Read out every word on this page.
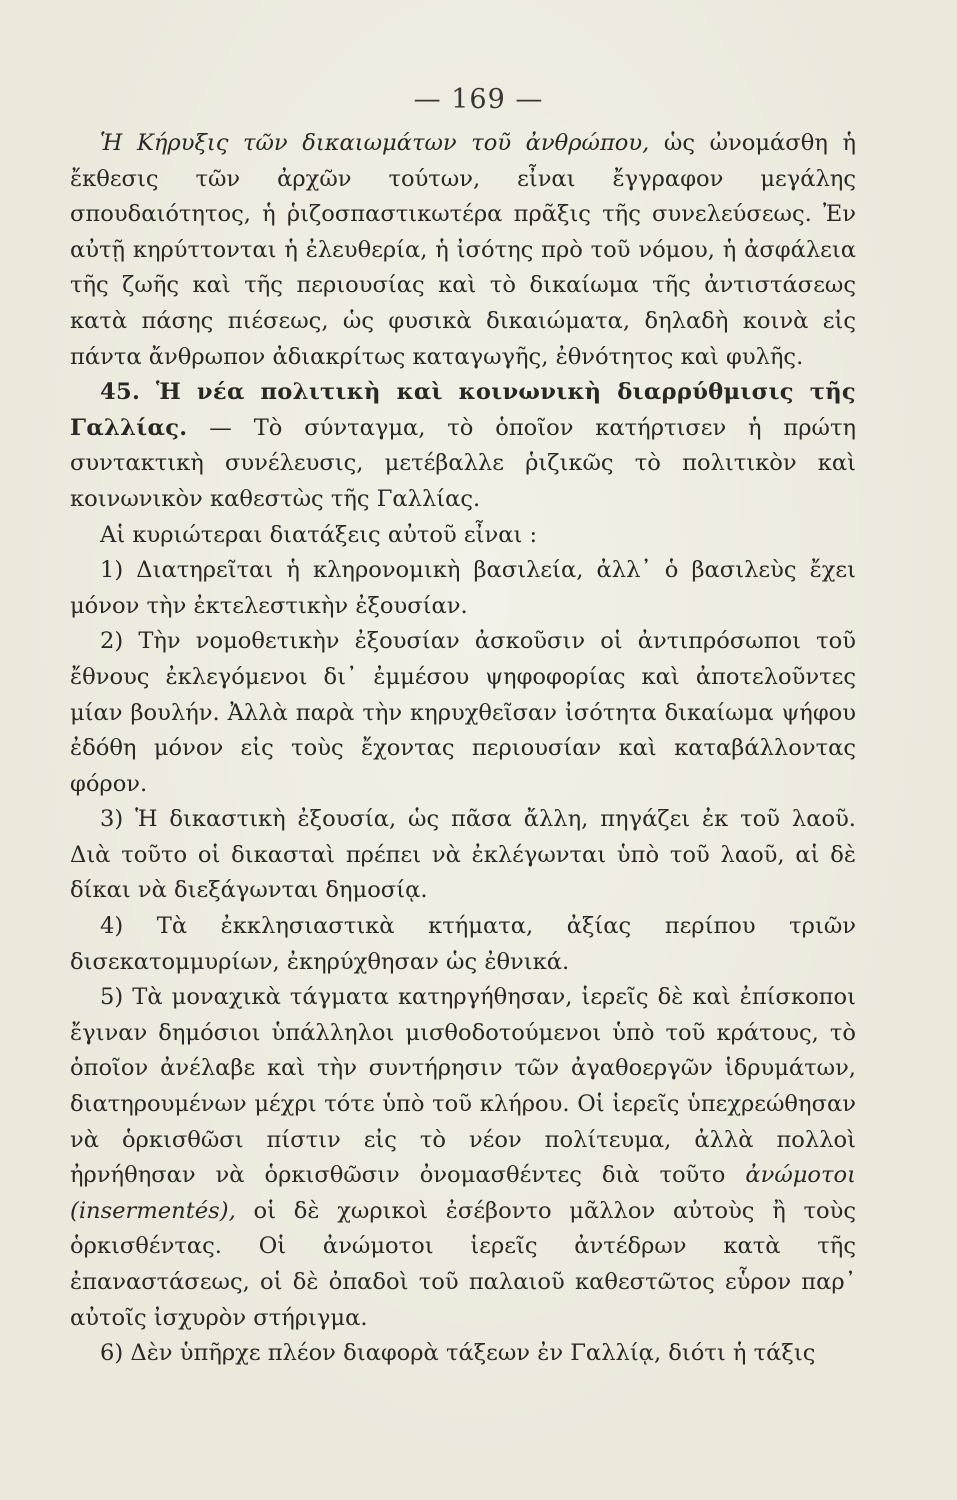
— 169 —

Ἡ Κήρυξις τῶν δικαιωμάτων τοῦ ἀνθρώπου, ὡς ὠνομάσθη ἡ ἔκθεσις τῶν ἀρχῶν τούτων, εἶναι ἔγγραφον μεγάλης σπουδαιότητος, ἡ ῥιζοσπαστικωτέρα πρᾶξις τῆς συνελεύσεως. Ἐν αὐτῇ κηρύττονται ἡ ἐλευθερία, ἡ ἰσότης πρὸ τοῦ νόμου, ἡ ἀσφάλεια τῆς ζωῆς καὶ τῆς περιουσίας καὶ τὸ δικαίωμα τῆς ἀντιστάσεως κατὰ πάσης πιέσεως, ὡς φυσικὰ δικαιώματα, δηλαδὴ κοινὰ εἰς πάντα ἄνθρωπον ἀδιακρίτως καταγωγῆς, ἐθνότητος καὶ φυλῆς.

45. Ἡ νέα πολιτικὴ καὶ κοινωνικὴ διαρρύθμισις τῆς Γαλλίας. — Τὸ σύνταγμα, τὸ ὁποῖον κατήρτισεν ἡ πρώτη συντακτικὴ συνέλευσις, μετέβαλλε ῥιζικῶς τὸ πολιτικὸν καὶ κοινωνικὸν καθεστὼς τῆς Γαλλίας.

Αἱ κυριώτεραι διατάξεις αὐτοῦ εἶναι :

1) Διατηρεῖται ἡ κληρονομικὴ βασιλεία, ἀλλ᾽ ὁ βασιλεὺς ἔχει μόνον τὴν ἐκτελεστικὴν ἐξουσίαν.

2) Τὴν νομοθετικὴν ἐξουσίαν ἀσκοῦσιν οἱ ἀντιπρόσωποι τοῦ ἔθνους ἐκλεγόμενοι δι᾽ ἐμμέσου ψηφοφορίας καὶ ἀποτελοῦντες μίαν βουλήν. Ἀλλὰ παρὰ τὴν κηρυχθεῖσαν ἰσότητα δικαίωμα ψήφου ἐδόθη μόνον εἰς τοὺς ἔχοντας περιουσίαν καὶ καταβάλλοντας φόρον.

3) Ἡ δικαστικὴ ἐξουσία, ὡς πᾶσα ἄλλη, πηγάζει ἐκ τοῦ λαοῦ. Διὰ τοῦτο οἱ δικασταὶ πρέπει νὰ ἐκλέγωνται ὑπὸ τοῦ λαοῦ, αἱ δὲ δίκαι νὰ διεξάγωνται δημοσίᾳ.

4) Τὰ ἐκκλησιαστικὰ κτήματα, ἀξίας περίπου τριῶν δισεκατομμυρίων, ἐκηρύχθησαν ὡς ἐθνικά.

5) Τὰ μοναχικὰ τάγματα κατηργήθησαν, ἱερεῖς δὲ καὶ ἐπίσκοποι ἔγιναν δημόσιοι ὑπάλληλοι μισθοδοτούμενοι ὑπὸ τοῦ κράτους, τὸ ὁποῖον ἀνέλαβε καὶ τὴν συντήρησιν τῶν ἀγαθοεργῶν ἱδρυμάτων, διατηρουμένων μέχρι τότε ὑπὸ τοῦ κλήρου. Οἱ ἱερεῖς ὑπεχρεώθησαν νὰ ὁρκισθῶσι πίστιν εἰς τὸ νέον πολίτευμα, ἀλλὰ πολλοὶ ἠρνήθησαν νὰ ὁρκισθῶσιν ὀνομασθέντες διὰ τοῦτο ἀνώμοτοι (insermentés), οἱ δὲ χωρικοὶ ἐσέβοντο μᾶλλον αὐτοὺς ἢ τοὺς ὁρκισθέντας. Οἱ ἀνώμοτοι ἱερεῖς ἀντέδρων κατὰ τῆς ἐπαναστάσεως, οἱ δὲ ὀπαδοὶ τοῦ παλαιοῦ καθεστῶτος εὗρον παρ᾽ αὐτοῖς ἰσχυρὸν στήριγμα.

6) Δὲν ὑπῆρχε πλέον διαφορὰ τάξεων ἐν Γαλλίᾳ, διότι ἡ τάξις
